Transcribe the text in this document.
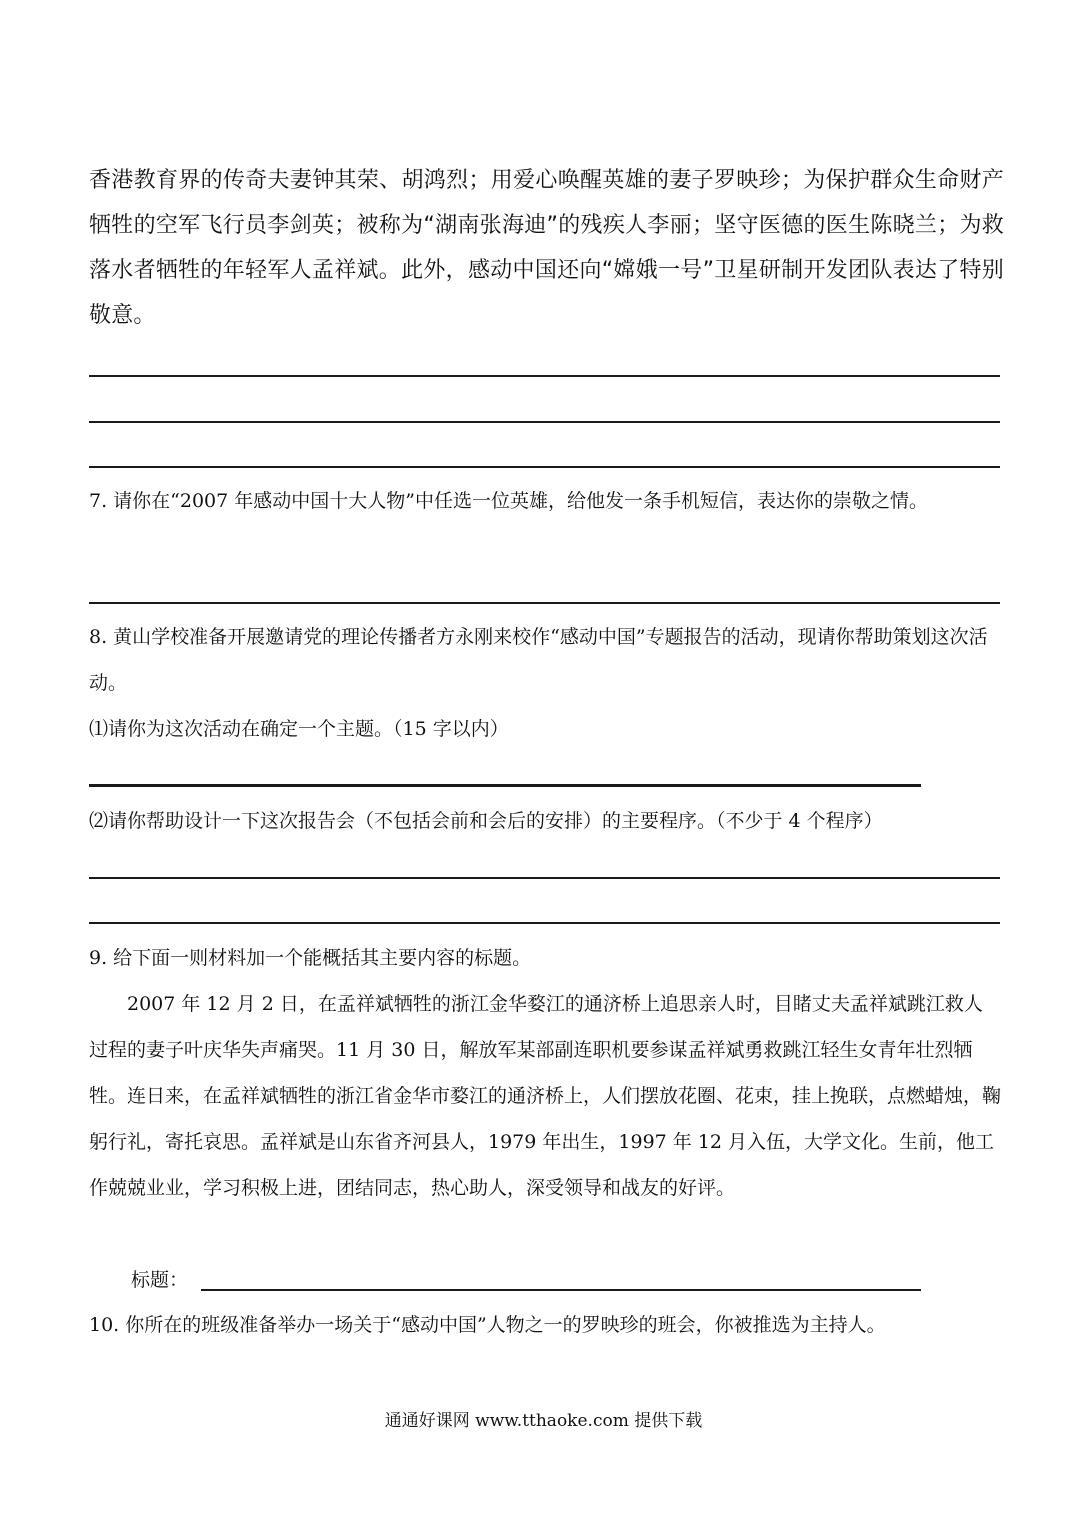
香港教育界的传奇夫妻钟其荣、胡鸿烈；用爱心唤醒英雄的妻子罗映珍；为保护群众生命财产牺牲的空军飞行员李剑英；被称为“湖南张海迪”的残疾人李丽；坚守医德的医生陈晓兰；为救落水者牺牲的年轻军人孟祥斌。此外，感动中国还向“嫦娥一号”卫星研制开发团队表达了特别敬意。

7. 请你在“2007 年感动中国十大人物”中任选一位英雄，给他发一条手机短信，表达你的崇敬之情。

8. 黄山学校准备开展邀请党的理论传播者方永刚来校作“感动中国”专题报告的活动，现请你帮助策划这次活动。

⑴请你为这次活动在确定一个主题。（15 字以内）

⑵请你帮助设计一下这次报告会（不包括会前和会后的安排）的主要程序。（不少于 4 个程序）

9. 给下面一则材料加一个能概括其主要内容的标题。

2007 年 12 月 2 日，在孟祥斌牺牲的浙江金华婺江的通济桥上追思亲人时，目睹丈夫孟祥斌跳江救人过程的妻子叶庆华失声痛哭。11 月 30 日，解放军某部副连职机要参谋孟祥斌勇救跳江轻生女青年壮烈牺牲。连日来，在孟祥斌牺牲的浙江省金华市婺江的通济桥上，人们摆放花圈、花束，挂上挽联，点燃蜡烛，鞠躬行礼，寄托哀思。孟祥斌是山东省齐河县人，1979 年出生，1997 年 12 月入伍，大学文化。生前，他工作兢兢业业，学习积极上进，团结同志，热心助人，深受领导和战友的好评。

标题：

10. 你所在的班级准备举办一场关于“感动中国”人物之一的罗映珍的班会，你被推选为主持人。

通通好课网 www.tthaoke.com 提供下载
